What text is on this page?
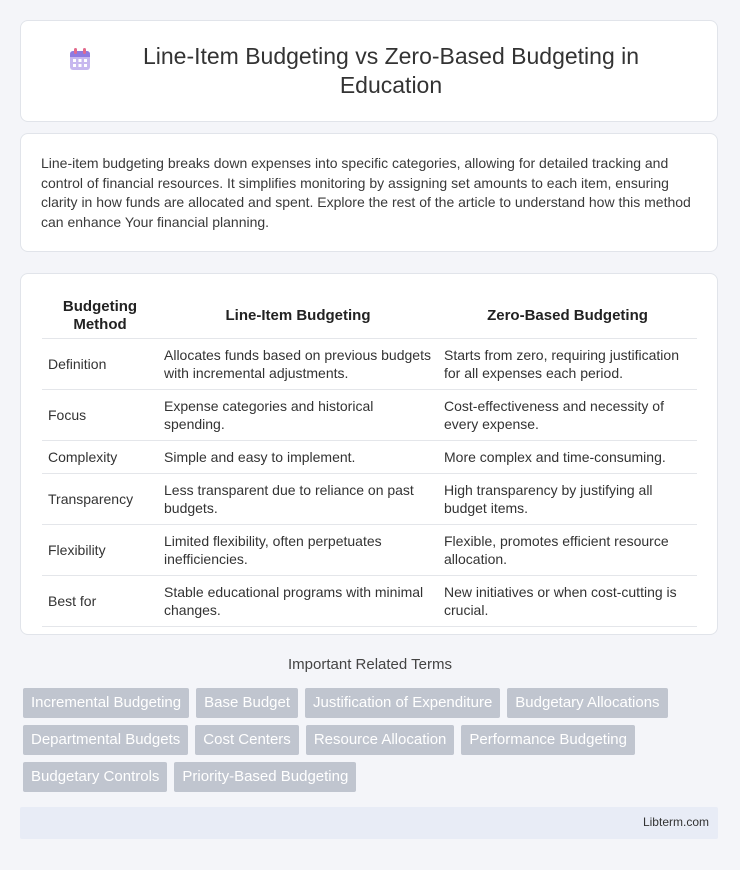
Line-Item Budgeting vs Zero-Based Budgeting in Education

Line-item budgeting breaks down expenses into specific categories, allowing for detailed tracking and control of financial resources. It simplifies monitoring by assigning set amounts to each item, ensuring clarity in how funds are allocated and spent. Explore the rest of the article to understand how this method can enhance Your financial planning.

Budgeting Method	Line-Item Budgeting	Zero-Based Budgeting
Definition	Allocates funds based on previous budgets with incremental adjustments.	Starts from zero, requiring justification for all expenses each period.
Focus	Expense categories and historical spending.	Cost-effectiveness and necessity of every expense.
Complexity	Simple and easy to implement.	More complex and time-consuming.
Transparency	Less transparent due to reliance on past budgets.	High transparency by justifying all budget items.
Flexibility	Limited flexibility, often perpetuates inefficiencies.	Flexible, promotes efficient resource allocation.
Best for	Stable educational programs with minimal changes.	New initiatives or when cost-cutting is crucial.
Important Related Terms
Incremental Budgeting	Base Budget	Justification of Expenditure	Budgetary Allocations
Departmental Budgets	Cost Centers	Resource Allocation	Performance Budgeting
Budgetary Controls	Priority-Based Budgeting
Libterm.com
